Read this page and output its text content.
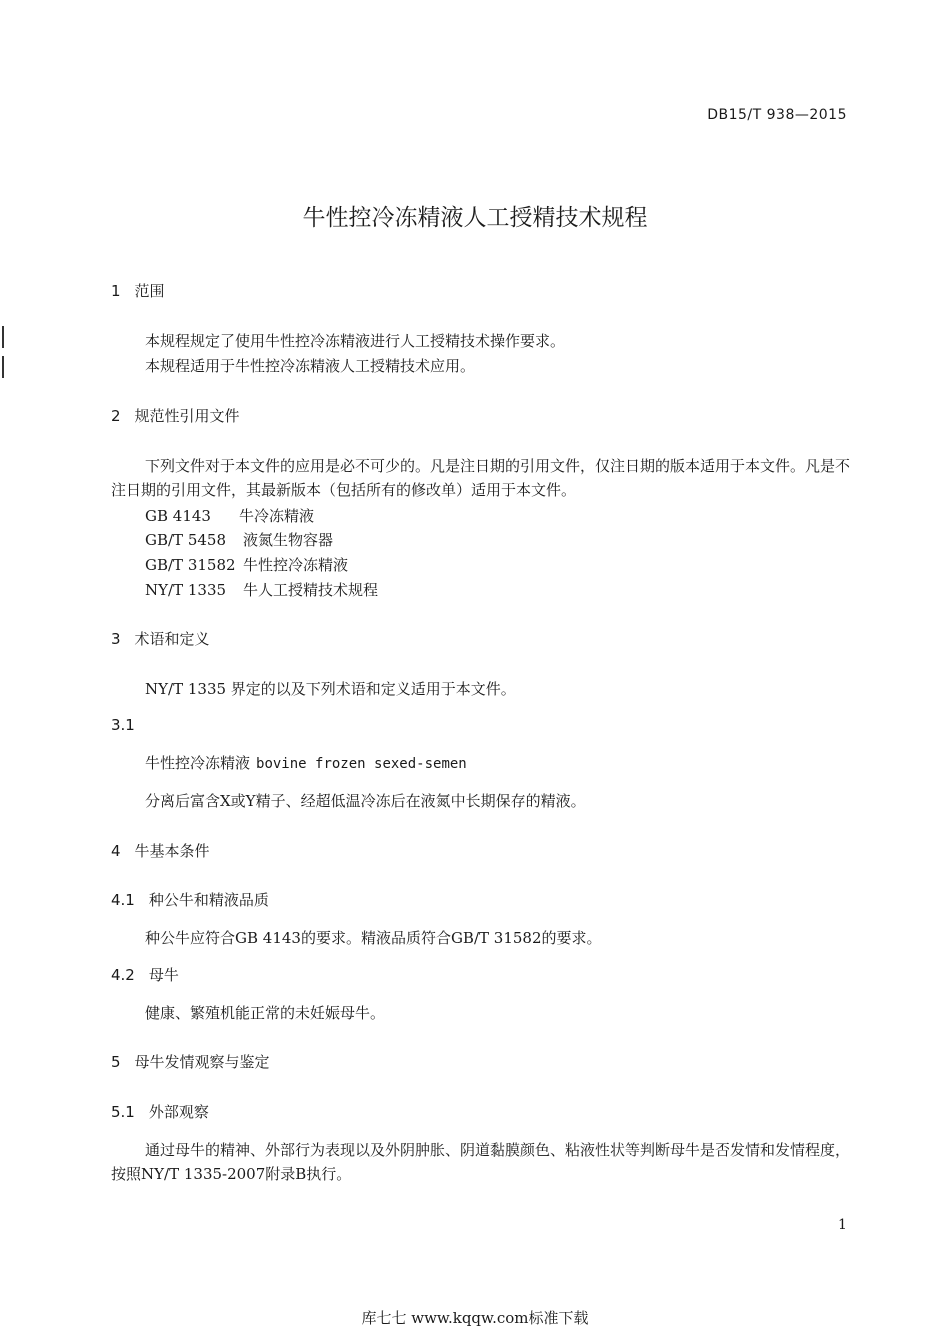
DB15/T 938—2015
牛性控冷冻精液人工授精技术规程
1 范围
本规程规定了使用牛性控冷冻精液进行人工授精技术操作要求。
本规程适用于牛性控冷冻精液人工授精技术应用。
2 规范性引用文件
下列文件对于本文件的应用是必不可少的。凡是注日期的引用文件，仅注日期的版本适用于本文件。凡是不注日期的引用文件，其最新版本（包括所有的修改单）适用于本文件。
GB 4143 牛冷冻精液
GB/T 5458 液氮生物容器
GB/T 31582 牛性控冷冻精液
NY/T 1335 牛人工授精技术规程
3 术语和定义
NY/T 1335 界定的以及下列术语和定义适用于本文件。
3.1
牛性控冷冻精液 bovine frozen sexed-semen
分离后富含X或Y精子、经超低温冷冻后在液氮中长期保存的精液。
4 牛基本条件
4.1 种公牛和精液品质
种公牛应符合GB 4143的要求。精液品质符合GB/T 31582的要求。
4.2 母牛
健康、繁殖机能正常的未妊娠母牛。
5 母牛发情观察与鉴定
5.1 外部观察
通过母牛的精神、外部行为表现以及外阴肿胀、阴道黏膜颜色、粘液性状等判断母牛是否发情和发情程度，按照NY/T 1335-2007附录B执行。
1
库七七 www.kqqw.com标准下载
